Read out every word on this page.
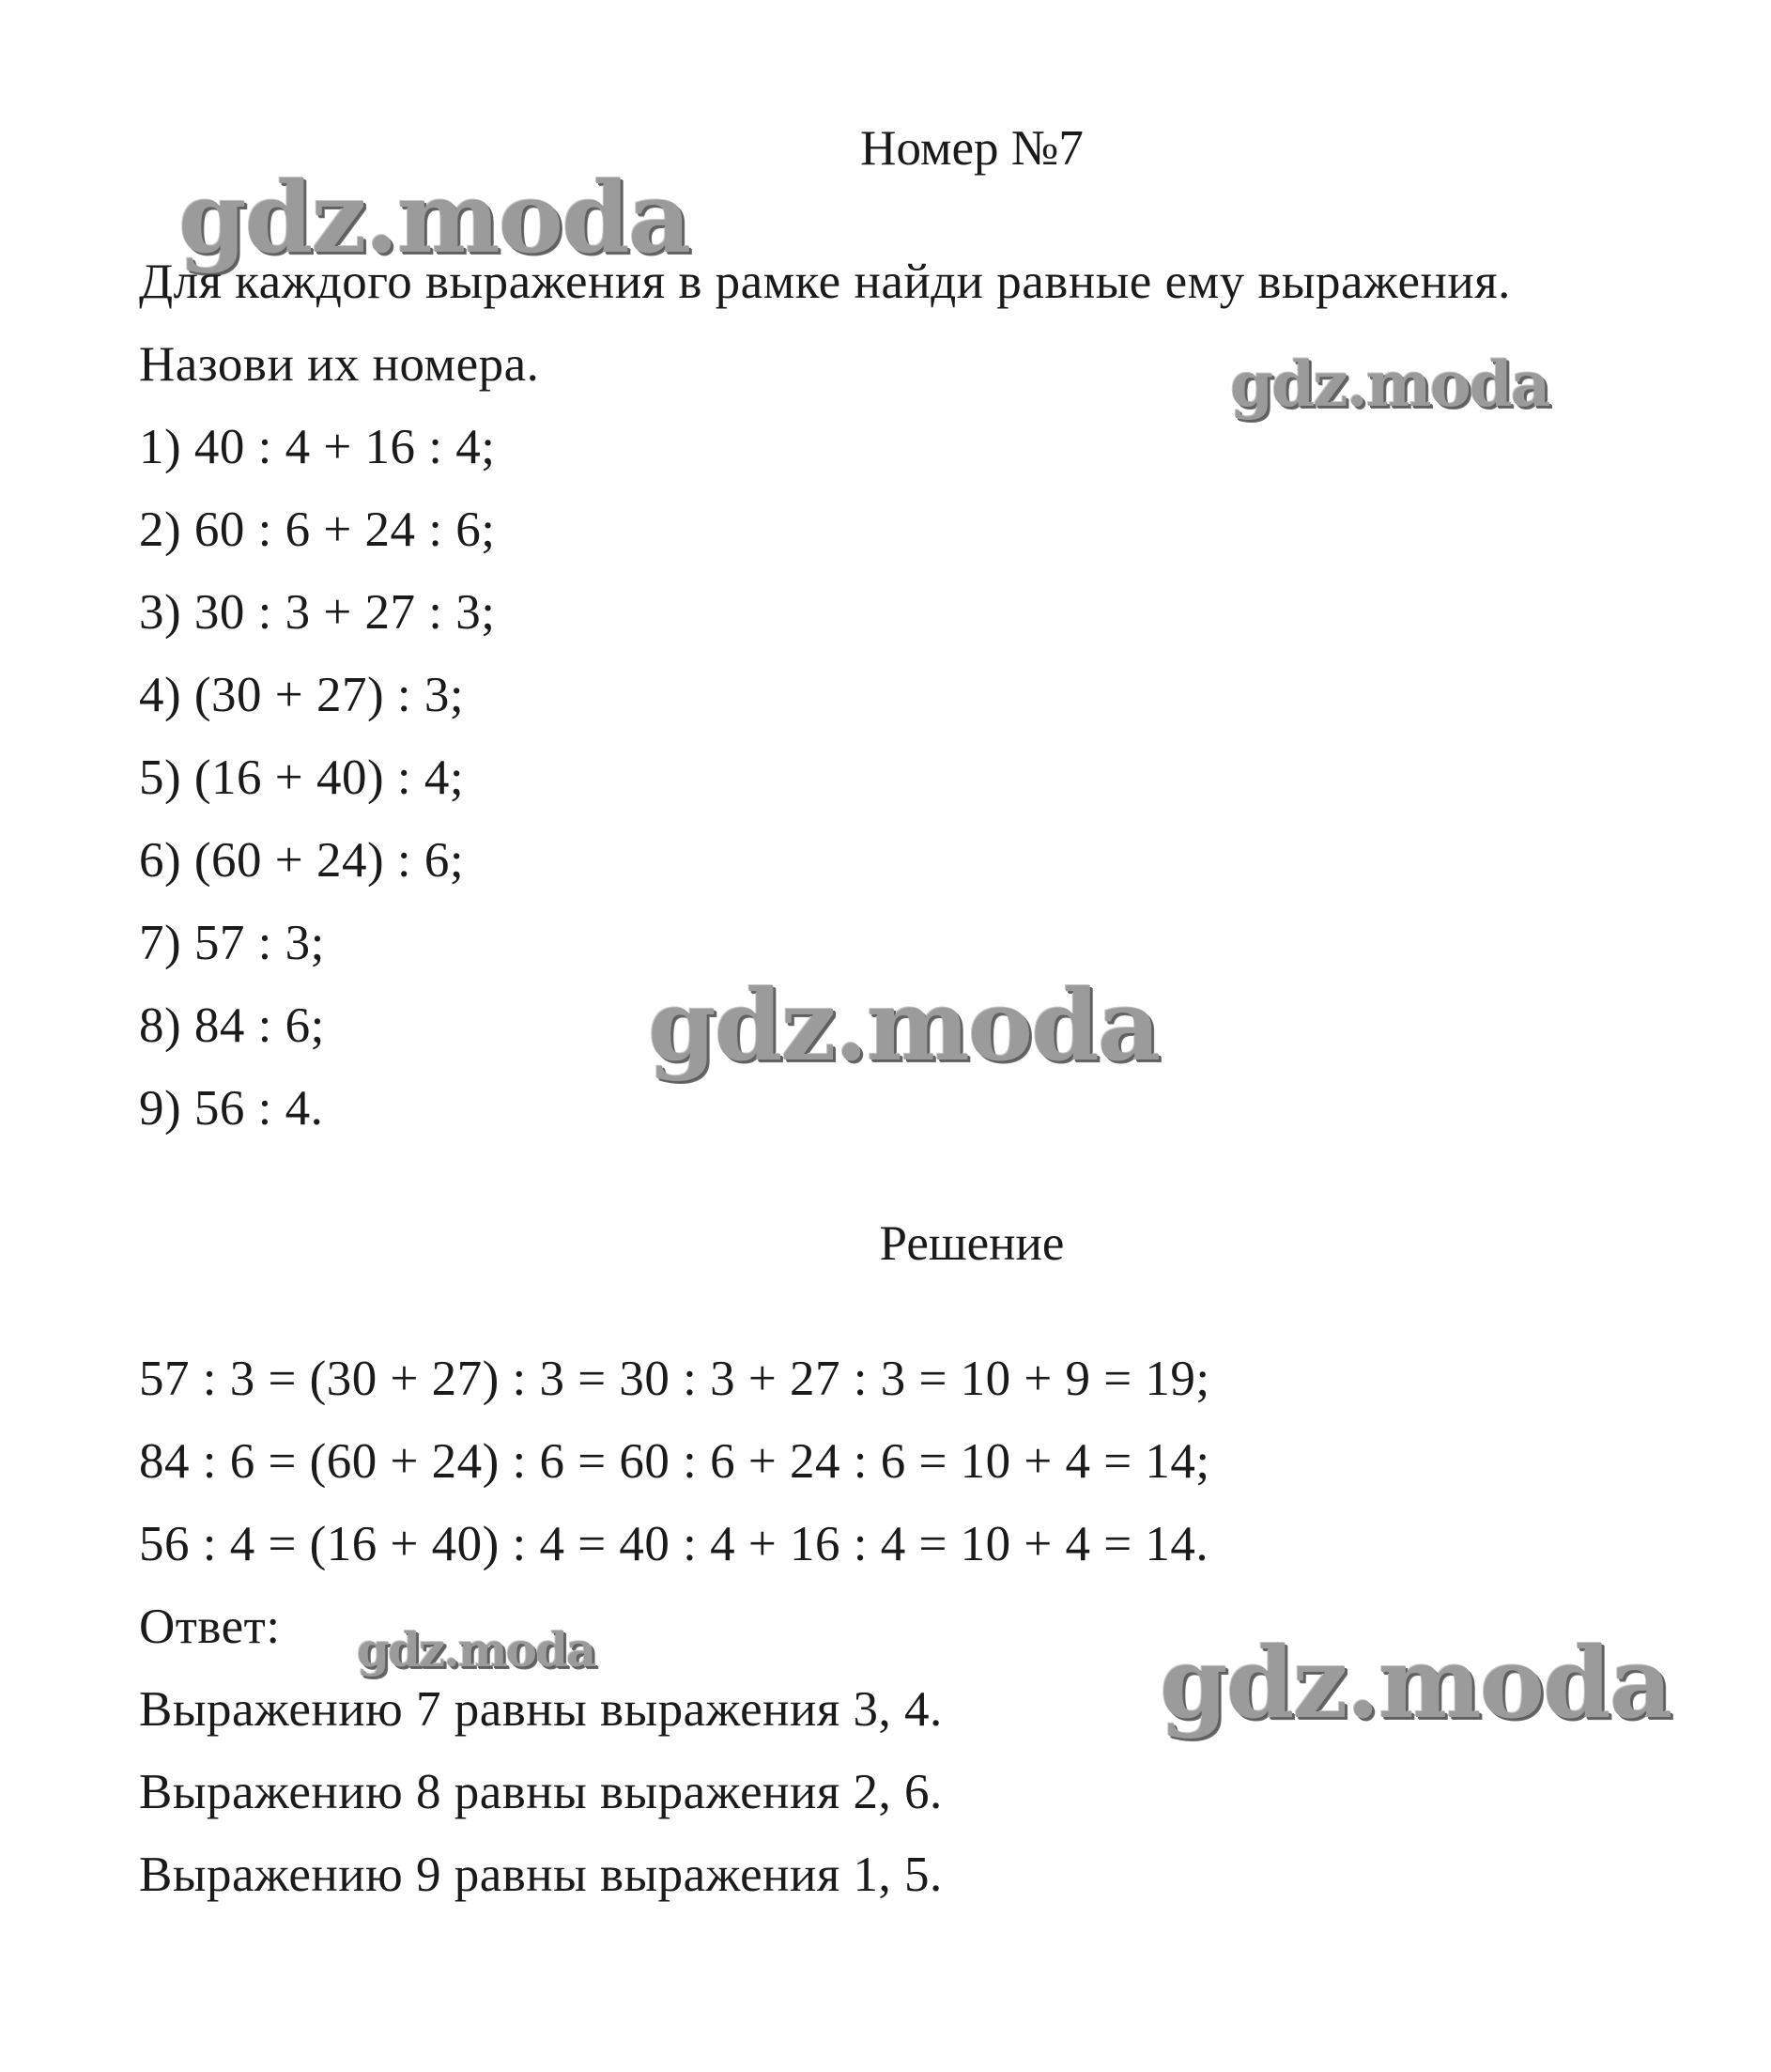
Номер №7
gdz.moda
gdz.moda
gdz.moda
gdz.moda	gdz.moda
Для каждого выражения в рамке найди равные ему выражения.
Назови их номера.
1) 40 : 4 + 16 : 4;
2) 60 : 6 + 24 : 6;
3) 30 : 3 + 27 : 3;
4) (30 + 27) : 3;
5) (16 + 40) : 4;
6) (60 + 24) : 6;
7) 57 : 3;
8) 84 : 6;
9) 56 : 4.
Решение
57 : 3 = (30 + 27) : 3 = 30 : 3 + 27 : 3 = 10 + 9 = 19;
84 : 6 = (60 + 24) : 6 = 60 : 6 + 24 : 6 = 10 + 4 = 14;
56 : 4 = (16 + 40) : 4 = 40 : 4 + 16 : 4 = 10 + 4 = 14.
Ответ:
Выражению 7 равны выражения 3, 4.
Выражению 8 равны выражения 2, 6.
Выражению 9 равны выражения 1, 5.
